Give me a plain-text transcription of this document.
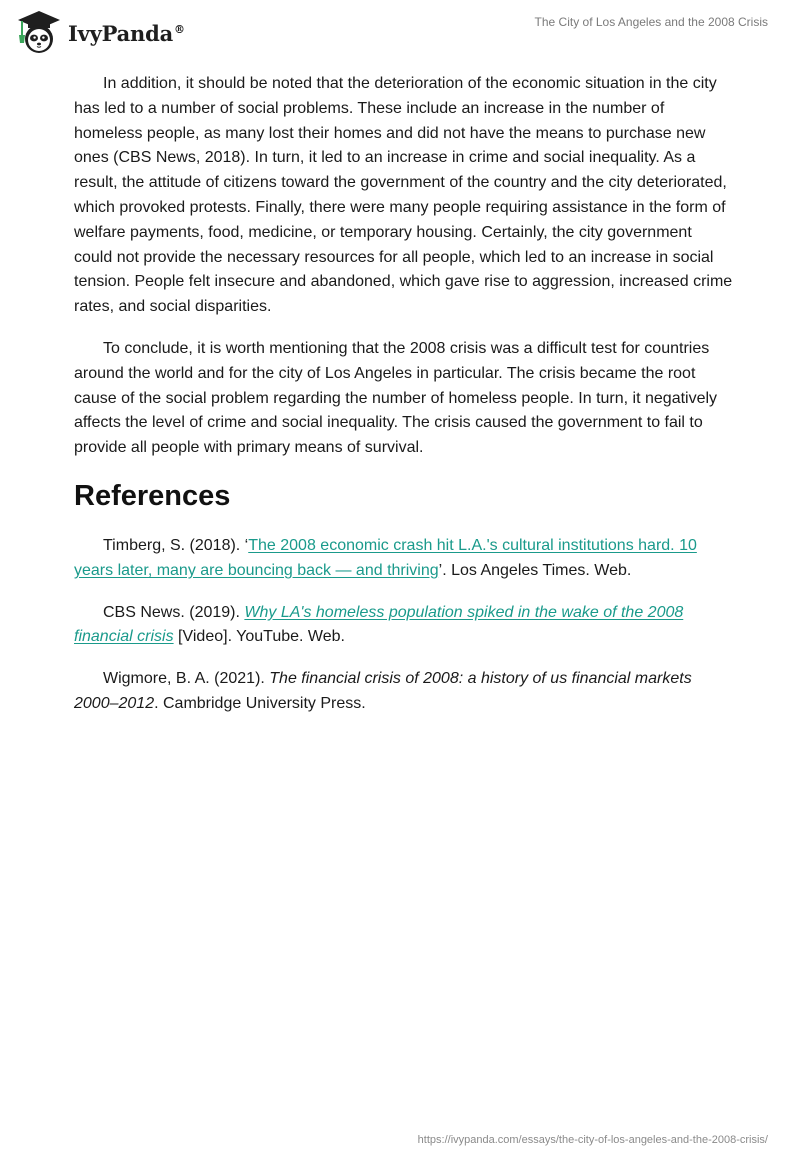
IvyPanda®	The City of Los Angeles and the 2008 Crisis

In addition, it should be noted that the deterioration of the economic situation in the city has led to a number of social problems. These include an increase in the number of homeless people, as many lost their homes and did not have the means to purchase new ones (CBS News, 2018). In turn, it led to an increase in crime and social inequality. As a result, the attitude of citizens toward the government of the country and the city deteriorated, which provoked protests. Finally, there were many people requiring assistance in the form of welfare payments, food, medicine, or temporary housing. Certainly, the city government could not provide the necessary resources for all people, which led to an increase in social tension. People felt insecure and abandoned, which gave rise to aggression, increased crime rates, and social disparities.

To conclude, it is worth mentioning that the 2008 crisis was a difficult test for countries around the world and for the city of Los Angeles in particular. The crisis became the root cause of the social problem regarding the number of homeless people. In turn, it negatively affects the level of crime and social inequality. The crisis caused the government to fail to provide all people with primary means of survival.

References
Timberg, S. (2018). ‘The 2008 economic crash hit L.A.'s cultural institutions hard. 10 years later, many are bouncing back — and thriving’. Los Angeles Times. Web.
CBS News. (2019). Why LA's homeless population spiked in the wake of the 2008 financial crisis [Video]. YouTube. Web.
Wigmore, B. A. (2021). The financial crisis of 2008: a history of us financial markets 2000–2012. Cambridge University Press.
https://ivypanda.com/essays/the-city-of-los-angeles-and-the-2008-crisis/
